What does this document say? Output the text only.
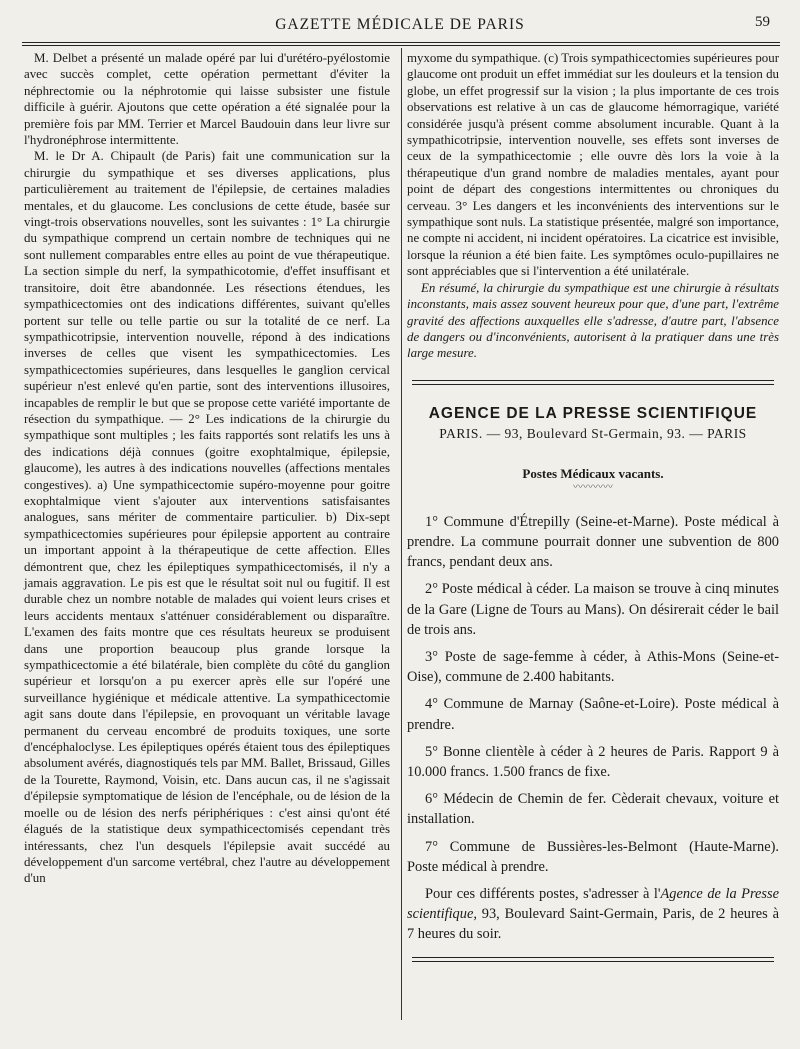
GAZETTE MÉDICALE DE PARIS	59

M. Delbet a présenté un malade opéré par lui d'urétéro-pyélostomie avec succès complet, cette opération permettant d'éviter la néphrectomie ou la néphrotomie qui laisse subsister une fistule difficile à guérir. Ajoutons que cette opération a été signalée pour la première fois par MM. Terrier et Marcel Baudouin dans leur livre sur l'hydronéphrose intermittente.

M. le Dr A. Chipault (de Paris) fait une communication sur la chirurgie du sympathique et ses diverses applications, plus particulièrement au traitement de l'épilepsie, de certaines maladies mentales, et du glaucome. Les conclusions de cette étude, basée sur vingt-trois observations nouvelles, sont les suivantes : 1° La chirurgie du sympathique comprend un certain nombre de techniques qui ne sont nullement comparables entre elles au point de vue thérapeutique. La section simple du nerf, la sympathicotomie, d'effet insuffisant et transitoire, doit être abandonnée. Les résections étendues, les sympathicectomies ont des indications différentes, suivant qu'elles portent sur telle ou telle partie ou sur la totalité de ce nerf. La sympathicotripsie, intervention nouvelle, répond à des indications inverses de celles que visent les sympathicectomies. Les sympathicectomies supérieures, dans lesquelles le ganglion cervical supérieur n'est enlevé qu'en partie, sont des interventions illusoires, incapables de remplir le but que se propose cette variété importante de résection du sympathique. — 2° Les indications de la chirurgie du sympathique sont multiples ; les faits rapportés sont relatifs les uns à des indications déjà connues (goitre exophtalmique, épilepsie, glaucome), les autres à des indications nouvelles (affections mentales congestives). a) Une sympathicectomie supéro-moyenne pour goitre exophtalmique vient s'ajouter aux interventions satisfaisantes analogues, sans mériter de commentaire particulier. b) Dix-sept sympathicectomies supérieures pour épilepsie apportent au contraire un important appoint à la thérapeutique de cette affection. Elles démontrent que, chez les épileptiques sympathicectomisés, il n'y a jamais aggravation. Le pis est que le résultat soit nul ou fugitif. Il est durable chez un nombre notable de malades qui voient leurs crises et leurs accidents mentaux s'atténuer considérablement ou disparaître. L'examen des faits montre que ces résultats heureux se produisent dans une proportion beaucoup plus grande lorsque la sympathicectomie a été bilatérale, bien complète du côté du ganglion supérieur et lorsqu'on a pu exercer après elle sur l'opéré une surveillance hygiénique et médicale attentive. La sympathicectomie agit sans doute dans l'épilepsie, en provoquant un véritable lavage permanent du cerveau encombré de produits toxiques, une sorte d'encéphaloclyse. Les épileptiques opérés étaient tous des épileptiques absolument avérés, diagnostiqués tels par MM. Ballet, Brissaud, Gilles de la Tourette, Raymond, Voisin, etc. Dans aucun cas, il ne s'agissait d'épilepsie symptomatique de lésion de l'encéphale, ou de lésion de la moelle ou de lésion des nerfs périphériques : c'est ainsi qu'ont été élagués de la statistique deux sympathicectomisés cependant très intéressants, chez l'un desquels l'épilepsie avait succédé au développement d'un sarcome vertébral, chez l'autre au développement d'un

myxome du sympathique. (c) Trois sympathicectomies supérieures pour glaucome ont produit un effet immédiat sur les douleurs et la tension du globe, un effet progressif sur la vision ; la plus importante de ces trois observations est relative à un cas de glaucome hémorragique, variété considérée jusqu'à présent comme absolument incurable. Quant à la sympathicotripsie, intervention nouvelle, ses effets sont inverses de ceux de la sympathicectomie ; elle ouvre dès lors la voie à la thérapeutique d'un grand nombre de maladies mentales, ayant pour point de départ des congestions intermittentes ou chroniques du cerveau. 3° Les dangers et les inconvénients des interventions sur le sympathique sont nuls. La statistique présentée, malgré son importance, ne compte ni accident, ni incident opératoires. La cicatrice est invisible, lorsque la réunion a été bien faite. Les symptômes oculo-pupillaires ne sont appréciables que si l'intervention a été unilatérale.

En résumé, la chirurgie du sympathique est une chirurgie à résultats inconstants, mais assez souvent heureux pour que, d'une part, l'extrême gravité des affections auxquelles elle s'adresse, d'autre part, l'absence de dangers ou d'inconvénients, autorisent à la pratiquer dans une très large mesure.

AGENCE DE LA PRESSE SCIENTIFIQUE
PARIS. — 93, Boulevard St-Germain, 93. — PARIS
Postes Médicaux vacants.
〰〰〰〰

1° Commune d'Étrepilly (Seine-et-Marne). Poste médical à prendre. La commune pourrait donner une subvention de 800 francs, pendant deux ans.

2° Poste médical à céder. La maison se trouve à cinq minutes de la Gare (Ligne de Tours au Mans). On désirerait céder le bail de trois ans.

3° Poste de sage-femme à céder, à Athis-Mons (Seine-et-Oise), commune de 2.400 habitants.

4° Commune de Marnay (Saône-et-Loire). Poste médical à prendre.

5° Bonne clientèle à céder à 2 heures de Paris. Rapport 9 à 10.000 francs. 1.500 francs de fixe.

6° Médecin de Chemin de fer. Cèderait chevaux, voiture et installation.

7° Commune de Bussières-les-Belmont (Haute-Marne). Poste médical à prendre.

Pour ces différents postes, s'adresser à l'Agence de la Presse scientifique, 93, Boulevard Saint-Germain, Paris, de 2 heures à 7 heures du soir.
